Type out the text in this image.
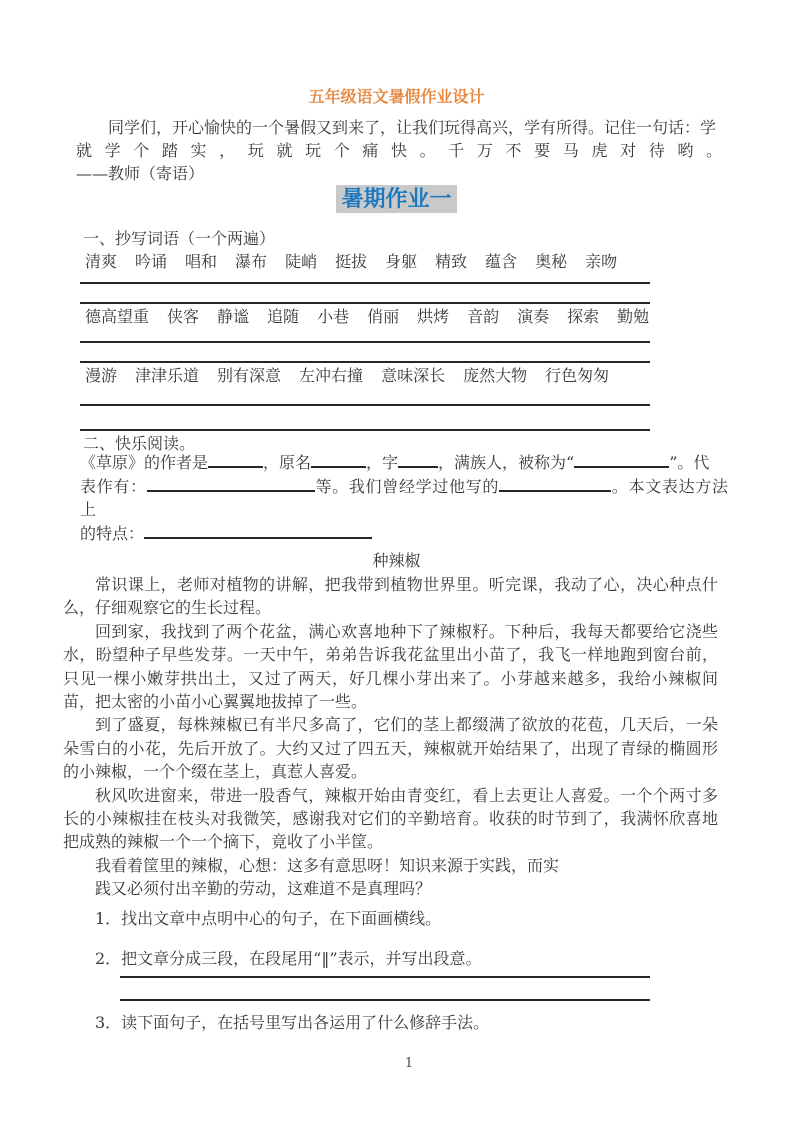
五年级语文暑假作业设计
同学们，开心愉快的一个暑假又到来了，让我们玩得高兴，学有所得。记住一句话：学
就学个踏实，玩就玩个痛快。千万不要马虎对待哟。
——教师（寄语）
暑期作业一
一、抄写词语（一个两遍）
清爽 吟诵 唱和 瀑布 陡峭 挺拔 身躯 精致 蕴含 奥秘 亲吻
德高望重 侠客 静谧 追随 小巷 俏丽 烘烤 音韵 演奏 探索 勤勉
漫游 津津乐道 别有深意 左冲右撞 意味深长 庞然大物 行色匆匆
二、快乐阅读。
《草原》的作者是	，原名	，字	，满族人，被称为“	”。代
表作有：	等。我们曾经学过他写的	。本文表达方法上
的特点：
种辣椒
常识课上，老师对植物的讲解，把我带到植物世界里。听完课，我动了心，决心种点什么，仔细观察它的生长过程。
回到家，我找到了两个花盆，满心欢喜地种下了辣椒籽。下种后，我每天都要给它浇些水，盼望种子早些发芽。一天中午，弟弟告诉我花盆里出小苗了，我飞一样地跑到窗台前，只见一棵小嫩芽拱出土，又过了两天，好几棵小芽出来了。小芽越来越多，我给小辣椒间苗，把太密的小苗小心翼翼地拔掉了一些。
到了盛夏，每株辣椒已有半尺多高了，它们的茎上都缀满了欲放的花苞，几天后，一朵朵雪白的小花，先后开放了。大约又过了四五天，辣椒就开始结果了，出现了青绿的椭圆形的小辣椒，一个个缀在茎上，真惹人喜爱。
秋风吹进窗来，带进一股香气，辣椒开始由青变红，看上去更让人喜爱。一个个两寸多长的小辣椒挂在枝头对我微笑，感谢我对它们的辛勤培育。收获的时节到了，我满怀欣喜地把成熟的辣椒一个一个摘下，竟收了小半筐。
我看着筐里的辣椒，心想：这多有意思呀！知识来源于实践，而实
践又必须付出辛勤的劳动，这难道不是真理吗？
1．找出文章中点明中心的句子，在下面画横线。
2．把文章分成三段，在段尾用“‖”表示，并写出段意。
3．读下面句子，在括号里写出各运用了什么修辞手法。
1
